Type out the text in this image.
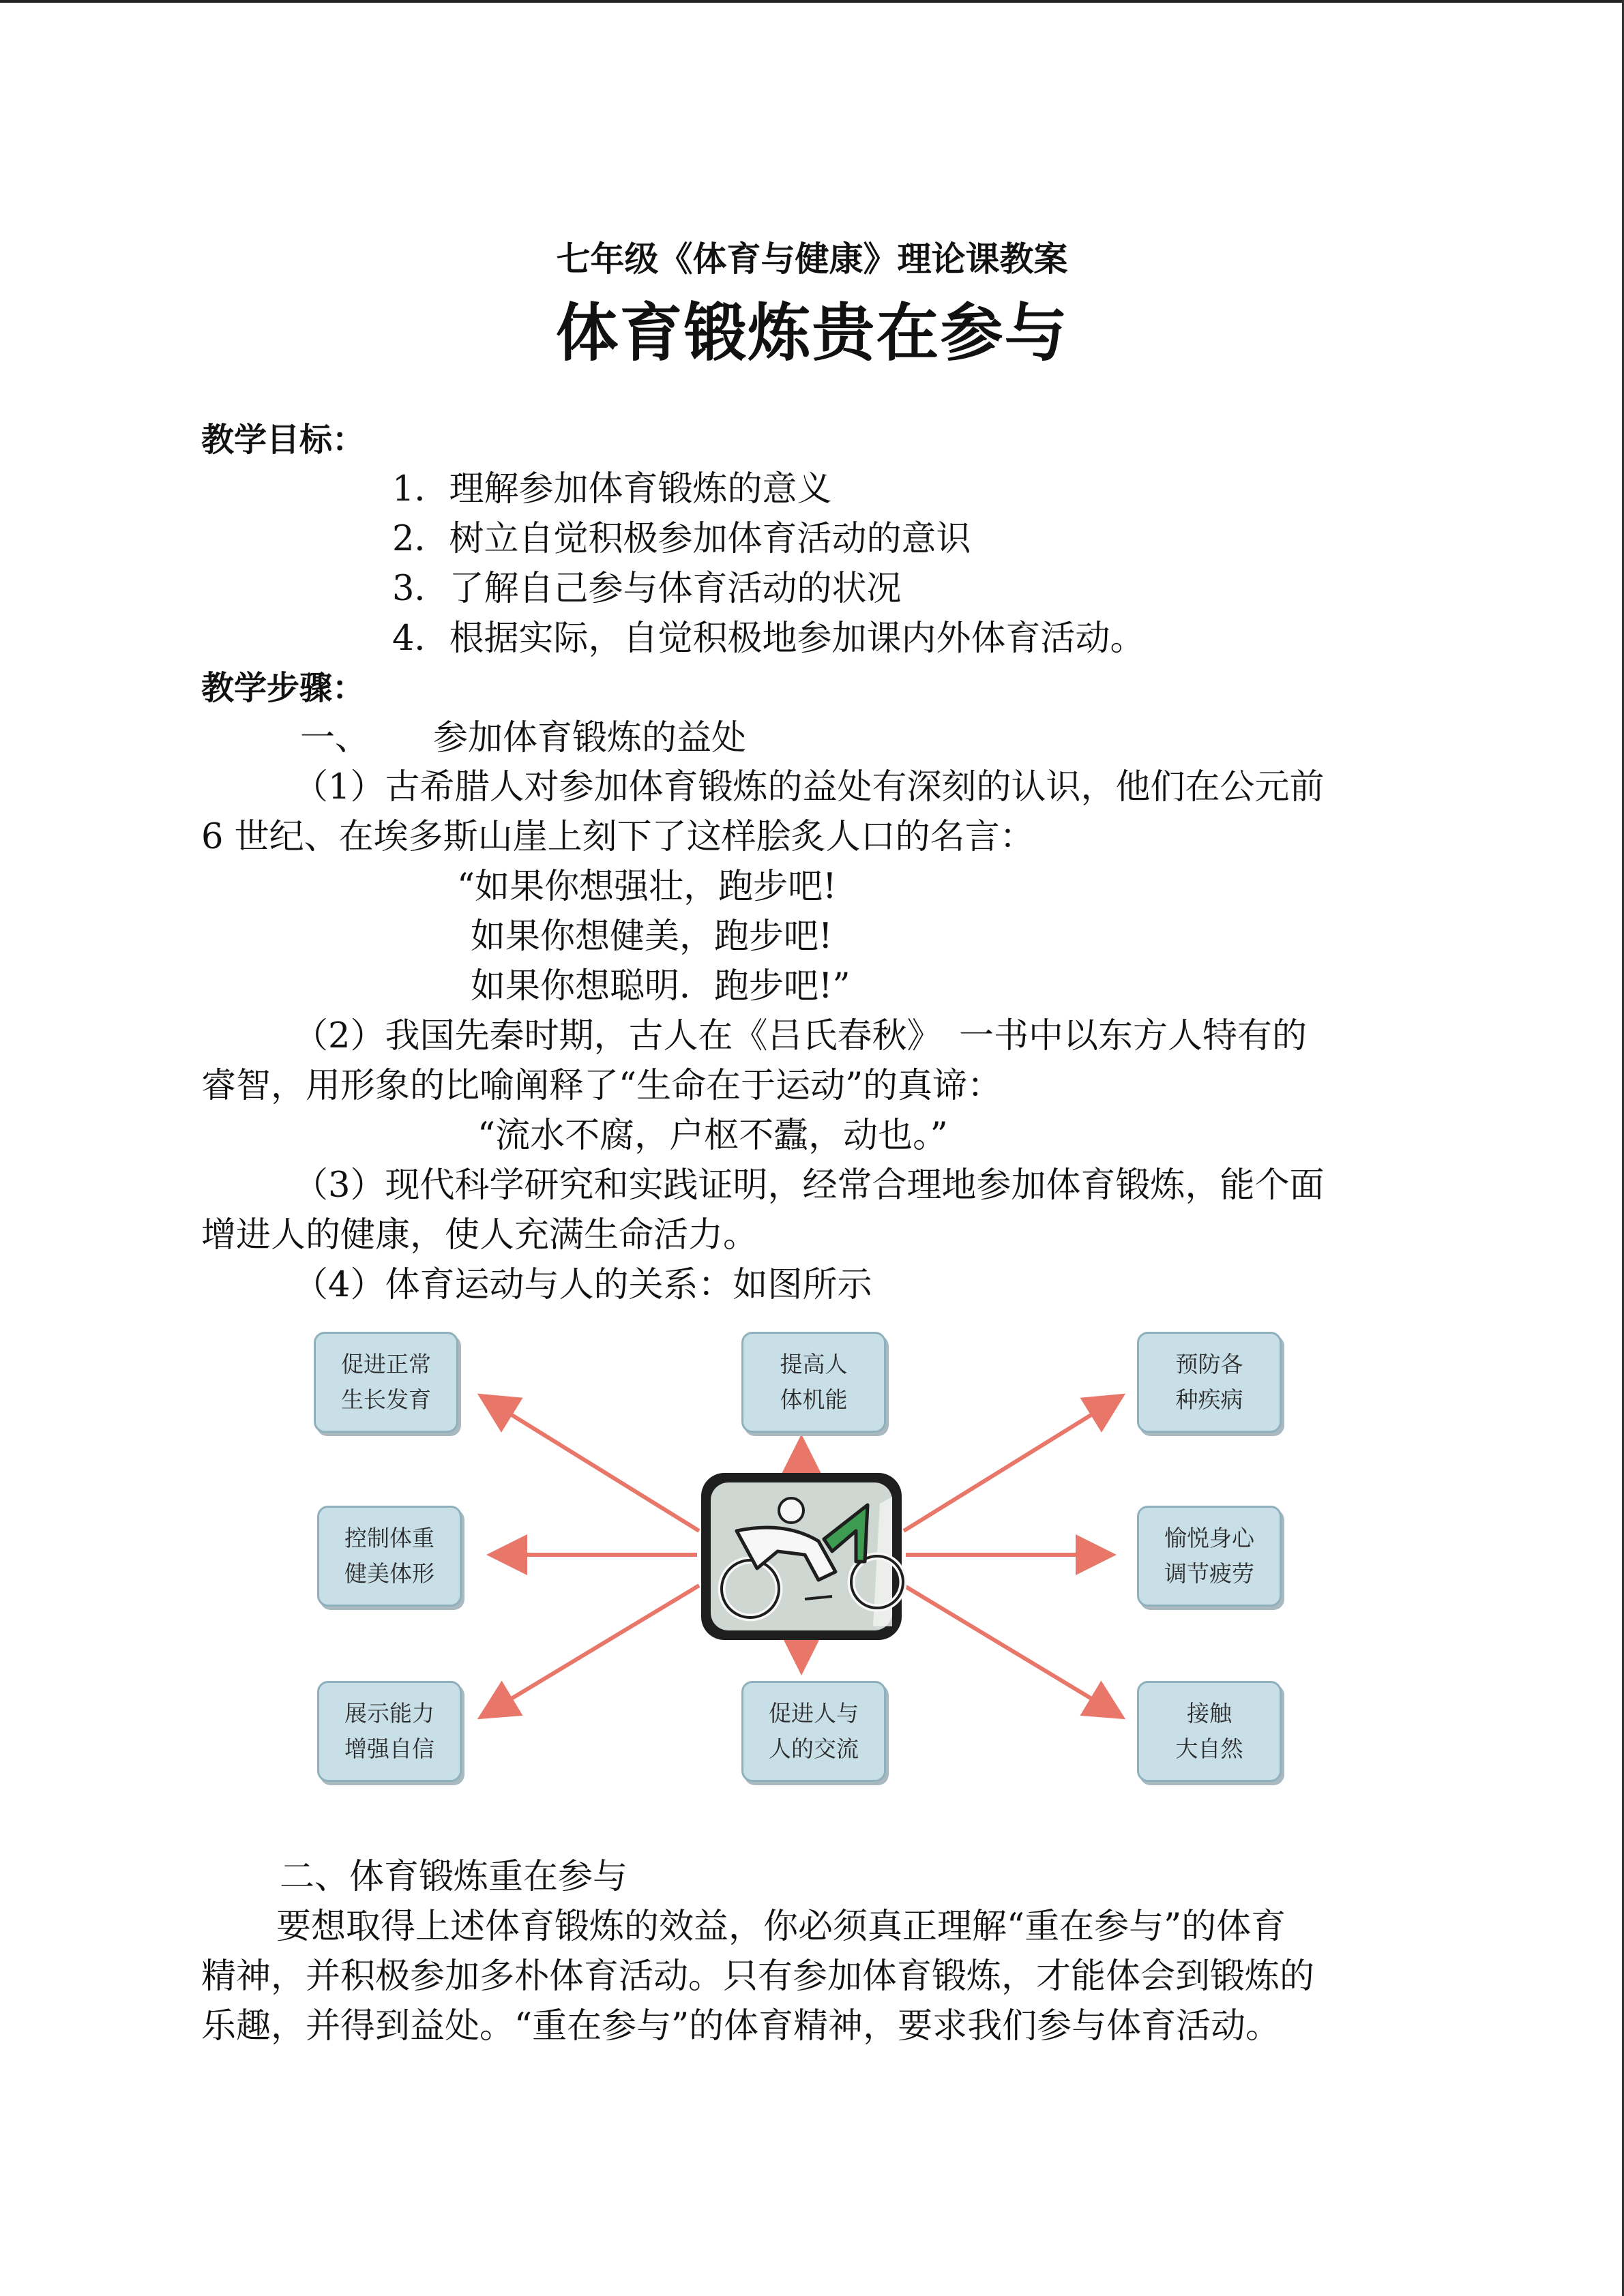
七年级《体育与健康》理论课教案

体育锻炼贵在参与

教学目标：

1．理解参加体育锻炼的意义

2．树立自觉积极参加体育活动的意识

3．了解自己参与体育活动的状况

4．根据实际，自觉积极地参加课内外体育活动。

教学步骤：

一、 参加体育锻炼的益处

（1）古希腊人对参加体育锻炼的益处有深刻的认识，他们在公元前

6 世纪、在埃多斯山崖上刻下了这样脍炙人口的名言：

“如果你想强壮，跑步吧!

如果你想健美，跑步吧!

如果你想聪明．跑步吧!”

（2）我国先秦时期，古人在《吕氏春秋》　一书中以东方人特有的

睿智，用形象的比喻阐释了“生命在于运动”的真谛：

“流水不腐，户枢不蠹，动也。”

（3）现代科学研究和实践证明，经常合理地参加体育锻炼，能个面

增进人的健康，使人充满生命活力。

（4）体育运动与人的关系：如图所示

促进正常
生长发育
提高人
体机能
预防各
种疾病
控制体重
健美体形
愉悦身心
调节疲劳
展示能力
增强自信
促进人与
人的交流
接触
大自然

二、体育锻炼重在参与

要想取得上述体育锻炼的效益，你必须真正理解“重在参与”的体育

精神，并积极参加多朴体育活动。只有参加体育锻炼，才能体会到锻炼的

乐趣，并得到益处。“重在参与”的体育精神，要求我们参与体育活动。
